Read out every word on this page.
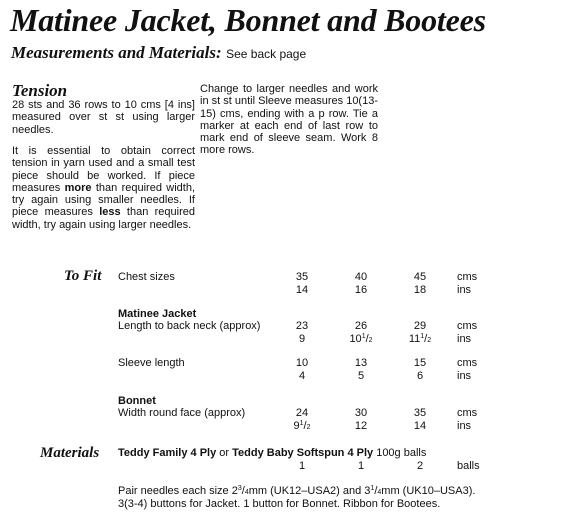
Matinee Jacket, Bonnet and Bootees
Measurements and Materials: See back page
Tension

28 sts and 36 rows to 10 cms [4 ins] measured over st st using larger needles.

It is essential to obtain correct tension in yarn used and a small test piece should be worked. If piece measures more than required width, try again using smaller needles. If piece measures less than required width, try again using larger needles.

Change to larger needles and work in st st until Sleeve measures 10(13-15) cms, ending with a p row. Tie a marker at each end of last row to mark end of sleeve seam. Work 8 more rows.

To Fit Chest sizes	35	40	45	cms
14	16	18	ins
Matinee Jacket
Length to back neck (approx)	23	26	29	cms
9	$10^1/2$	$11^1/2$	ins
Sleeve length	10	13	15	cms
4	5	6	ins
Bonnet
Width round face (approx)	24	30	35	cms
$9^1/2$	12	14	ins
Materials Teddy Family 4 Ply or Teddy Baby Softspun 4 Ply 100g balls
1	1	2	balls
Pair needles each size $2^3/4mm$ (UK12–USA2) and $3^1/4mm$ (UK10–USA3).
3(3-4) buttons for Jacket. 1 button for Bonnet. Ribbon for Bootees.
